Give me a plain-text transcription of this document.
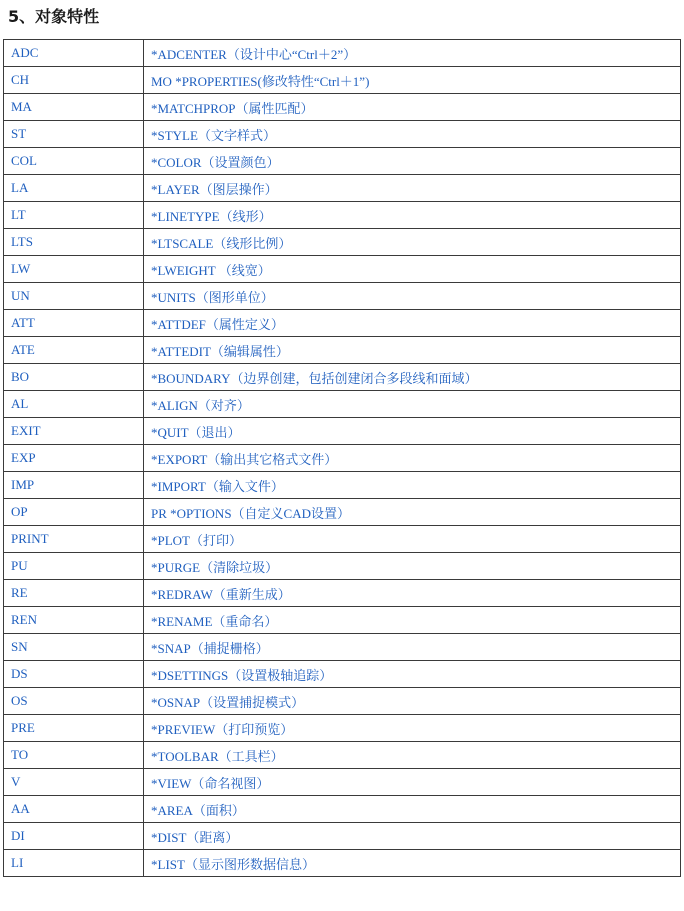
5、对象特性
ADC	*ADCENTER（设计中心“Ctrl＋2”）
CH	MO *PROPERTIES(修改特性“Ctrl＋1”)
MA	*MATCHPROP（属性匹配）
ST	*STYLE（文字样式）
COL	*COLOR（设置颜色）
LA	*LAYER（图层操作）
LT	*LINETYPE（线形）
LTS	*LTSCALE（线形比例）
LW	*LWEIGHT （线宽）
UN	*UNITS（图形单位）
ATT	*ATTDEF（属性定义）
ATE	*ATTEDIT（编辑属性）
BO	*BOUNDARY（边界创建，包括创建闭合多段线和面域）
AL	*ALIGN（对齐）
EXIT	*QUIT（退出）
EXP	*EXPORT（输出其它格式文件）
IMP	*IMPORT（输入文件）
OP	PR *OPTIONS（自定义CAD设置）
PRINT	*PLOT（打印）
PU	*PURGE（清除垃圾）
RE	*REDRAW（重新生成）
REN	*RENAME（重命名）
SN	*SNAP（捕捉栅格）
DS	*DSETTINGS（设置极轴追踪）
OS	*OSNAP（设置捕捉模式）
PRE	*PREVIEW（打印预览）
TO	*TOOLBAR（工具栏）
V	*VIEW（命名视图）
AA	*AREA（面积）
DI	*DIST（距离）
LI	*LIST（显示图形数据信息）
